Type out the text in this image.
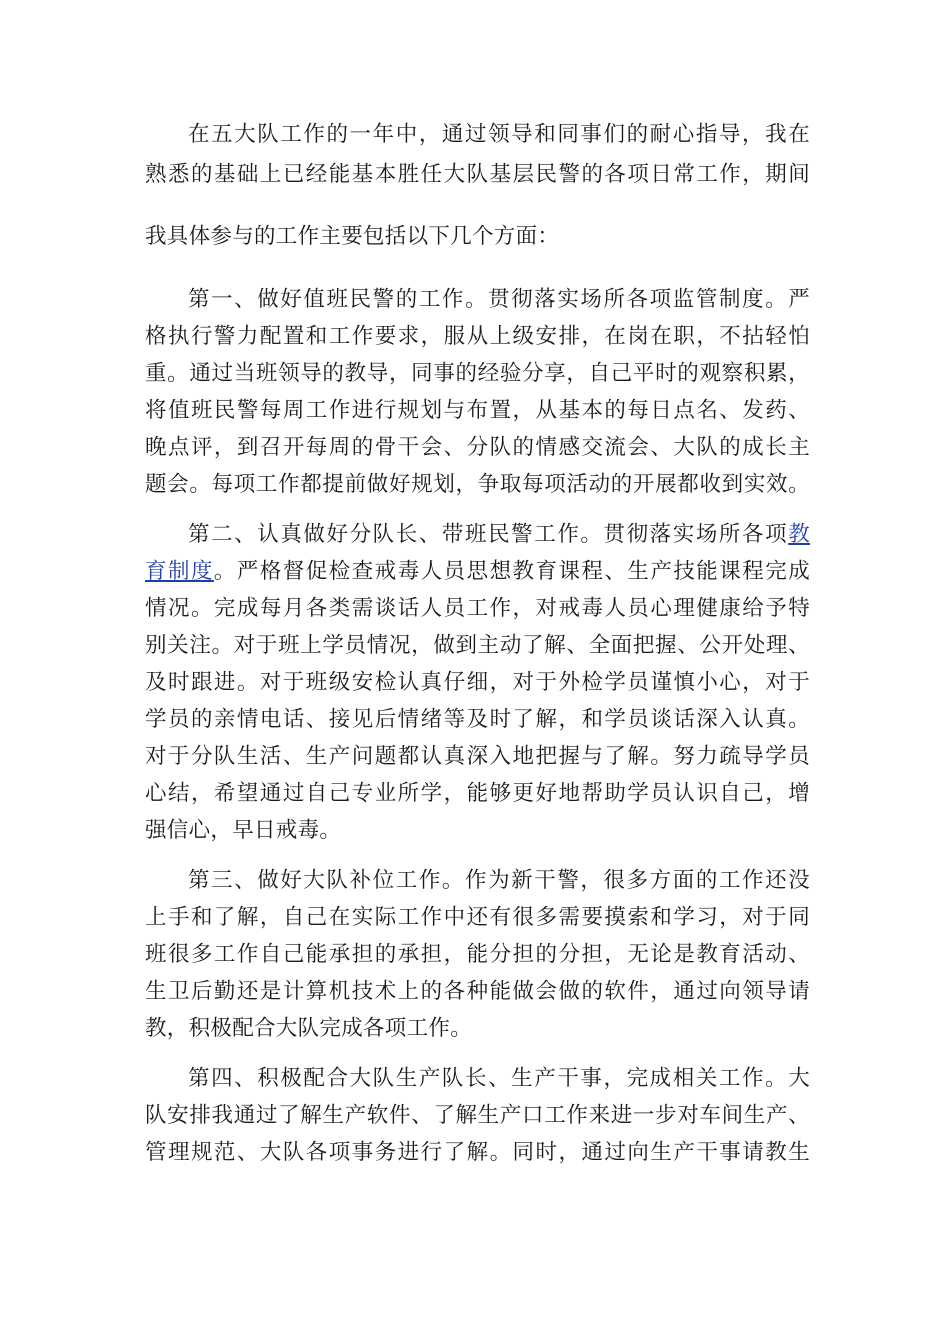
在五大队工作的一年中，通过领导和同事们的耐心指导，我在
熟悉的基础上已经能基本胜任大队基层民警的各项日常工作，期间
我具体参与的工作主要包括以下几个方面：
第一、做好值班民警的工作。贯彻落实场所各项监管制度。严
格执行警力配置和工作要求，服从上级安排，在岗在职，不拈轻怕
重。通过当班领导的教导，同事的经验分享，自己平时的观察积累，
将值班民警每周工作进行规划与布置，从基本的每日点名、发药、
晚点评，到召开每周的骨干会、分队的情感交流会、大队的成长主
题会。每项工作都提前做好规划，争取每项活动的开展都收到实效。
第二、认真做好分队长、带班民警工作。贯彻落实场所各项教
育制度。严格督促检查戒毒人员思想教育课程、生产技能课程完成
情况。完成每月各类需谈话人员工作，对戒毒人员心理健康给予特
别关注。对于班上学员情况，做到主动了解、全面把握、公开处理、
及时跟进。对于班级安检认真仔细，对于外检学员谨慎小心，对于
学员的亲情电话、接见后情绪等及时了解，和学员谈话深入认真。
对于分队生活、生产问题都认真深入地把握与了解。努力疏导学员
心结，希望通过自己专业所学，能够更好地帮助学员认识自己，增
强信心，早日戒毒。
第三、做好大队补位工作。作为新干警，很多方面的工作还没
上手和了解，自己在实际工作中还有很多需要摸索和学习，对于同
班很多工作自己能承担的承担，能分担的分担，无论是教育活动、
生卫后勤还是计算机技术上的各种能做会做的软件，通过向领导请
教，积极配合大队完成各项工作。
第四、积极配合大队生产队长、生产干事，完成相关工作。大
队安排我通过了解生产软件、了解生产口工作来进一步对车间生产、
管理规范、大队各项事务进行了解。同时，通过向生产干事请教生
